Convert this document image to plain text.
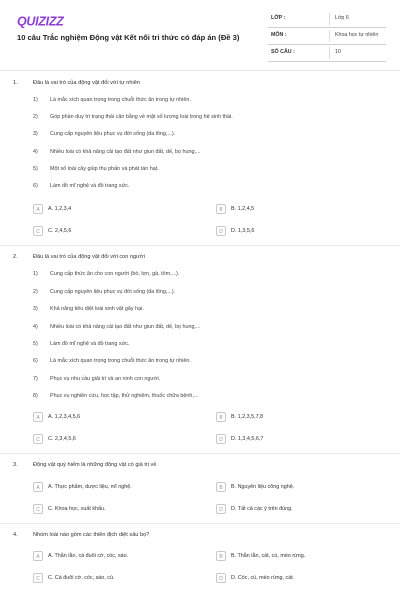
QUIZIZZ
10 câu Trắc nghiệm Động vật Kết nối tri thức có đáp án (Đề 3)
LỚP :	Lớp 6
MÔN :	Khoa học tự nhiên
SỐ CÂU :	10
1.	Đâu là vai trò của động vật đối với tự nhiên
1) Là mắc xích quan trọng trong chuỗi thức ăn trong tự nhiên.
2) Góp phần duy trì trạng thái cân bằng về mặt số lượng loài trong hệ sinh thái.
3) Cung cấp nguyên liệu phục vụ đời sống (da lông,...).
4) Nhiều loài có khả năng cải tạo đất như giun đất, dế, bọ hung,...
5) Một số loài cây giúp thụ phấn và phát tán hạt.
6) Làm đồ mĩ nghệ và đồ trang sức.
A	A. 1,2,3,4	B	B. 1,2,4,5
C	C. 2,4,5,6	D	D. 1,3,5,6
2.	Đâu là vai trò của động vật đối với con người
1) Cung cấp thức ăn cho con người (bò, lợn, gà, tôm,...).
2) Cung cấp nguyên liệu phục vụ đời sống (da lông,...).
3) Khả năng tiêu diệt loài sinh vật gây hại.
4) Nhiều loài có khả năng cải tạo đất như giun đất, dế, bọ hung,...
5) Làm đồ mĩ nghệ và đồ trang sức.
6) Là mắc xích quan trọng trong chuỗi thức ăn trong tự nhiên.
7) Phục vụ nhu cầu giải trí và an ninh con người.
8) Phục vụ nghiên cứu, học tập, thử nghiệm, thuốc chữa bệnh,...
A	A. 1,2,3,4,5,6	B	B. 1,2,3,5,7,8
C	C. 2,3,4,5,6	D	D. 1,3,4,5,6,7
3.	Động vật quý hiếm là những động vật có giá trị về
A	A. Thực phẩm, dược liệu, mĩ nghệ.	B	B. Nguyên liệu công nghệ.
C	C. Khoa học, xuất khẩu.	D	D. Tất cả các ý trên đúng.
4.	Nhóm loài nào gồm các thiên địch diệt sâu bọ?
A	A. Thằn lằn, cá đuôi cờ, cóc, sáo.	B	B. Thằn lằn, cát, cú, mèo rừng.
C	C. Cá đuôi cờ, cóc, sáo, cú.	D	D. Cóc, cú, mèo rừng, cát.
